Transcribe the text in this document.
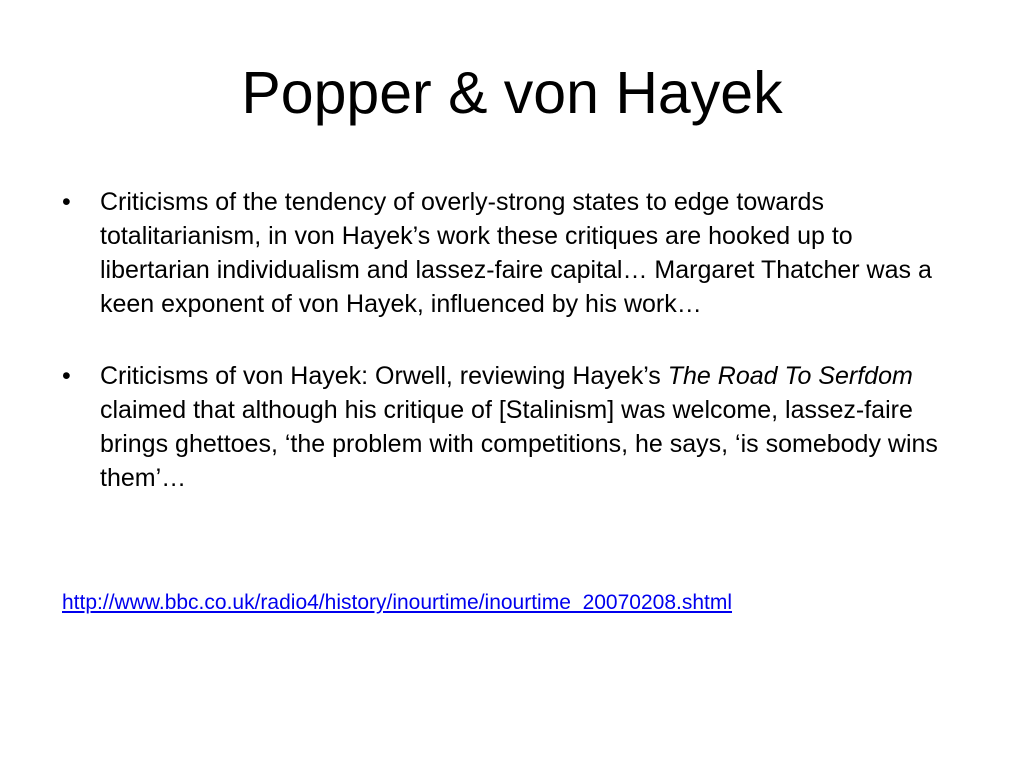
Popper & von Hayek
•	Criticisms of the tendency of overly-strong states to edge towards totalitarianism, in von Hayek’s work these critiques are hooked up to libertarian individualism and lassez-faire capital… Margaret Thatcher was a keen exponent of von Hayek, influenced by his work…
•	Criticisms of von Hayek: Orwell, reviewing Hayek’s The Road To Serfdom claimed that although his critique of [Stalinism] was welcome, lassez-faire brings ghettoes, ‘the problem with competitions, he says, ‘is somebody wins them’…
http://www.bbc.co.uk/radio4/history/inourtime/inourtime_20070208.shtml
